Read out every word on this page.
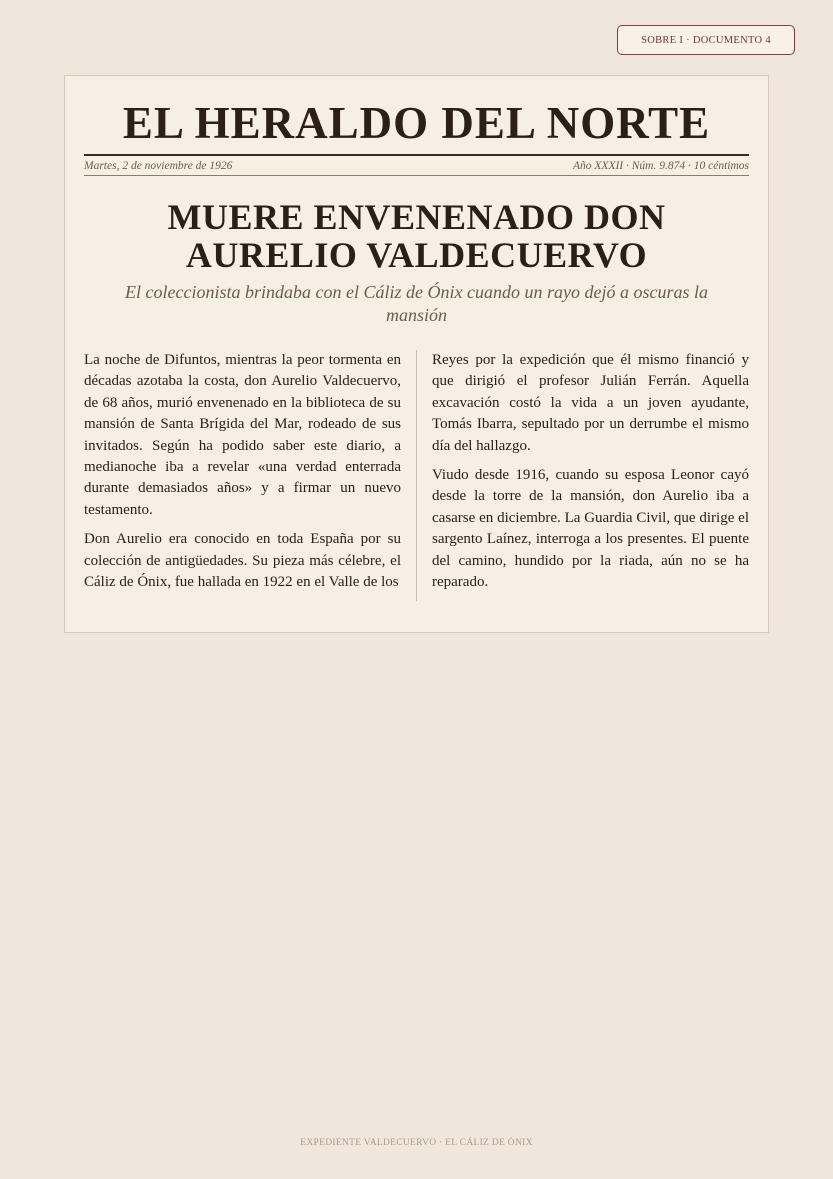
SOBRE I · DOCUMENTO 4
EL HERALDO DEL NORTE
Martes, 2 de noviembre de 1926	Año XXXII · Núm. 9.874 · 10 céntimos
MUERE ENVENENADO DON AURELIO VALDECUERVO
El coleccionista brindaba con el Cáliz de Ónix cuando un rayo dejó a oscuras la mansión

La noche de Difuntos, mientras la peor tormenta en décadas azotaba la costa, don Aurelio Valdecuervo, de 68 años, murió envenenado en la biblioteca de su mansión de Santa Brígida del Mar, rodeado de sus invitados. Según ha podido saber este diario, a medianoche iba a revelar «una verdad enterrada durante demasiados años» y a firmar un nuevo testamento.

Don Aurelio era conocido en toda España por su colección de antigüedades. Su pieza más célebre, el Cáliz de Ónix, fue hallada en 1922 en el Valle de los

Reyes por la expedición que él mismo financió y que dirigió el profesor Julián Ferrán. Aquella excavación costó la vida a un joven ayudante, Tomás Ibarra, sepultado por un derrumbe el mismo día del hallazgo.

Viudo desde 1916, cuando su esposa Leonor cayó desde la torre de la mansión, don Aurelio iba a casarse en diciembre. La Guardia Civil, que dirige el sargento Laínez, interroga a los presentes. El puente del camino, hundido por la riada, aún no se ha reparado.

EXPEDIENTE VALDECUERVO · EL CÁLIZ DE ÓNIX
